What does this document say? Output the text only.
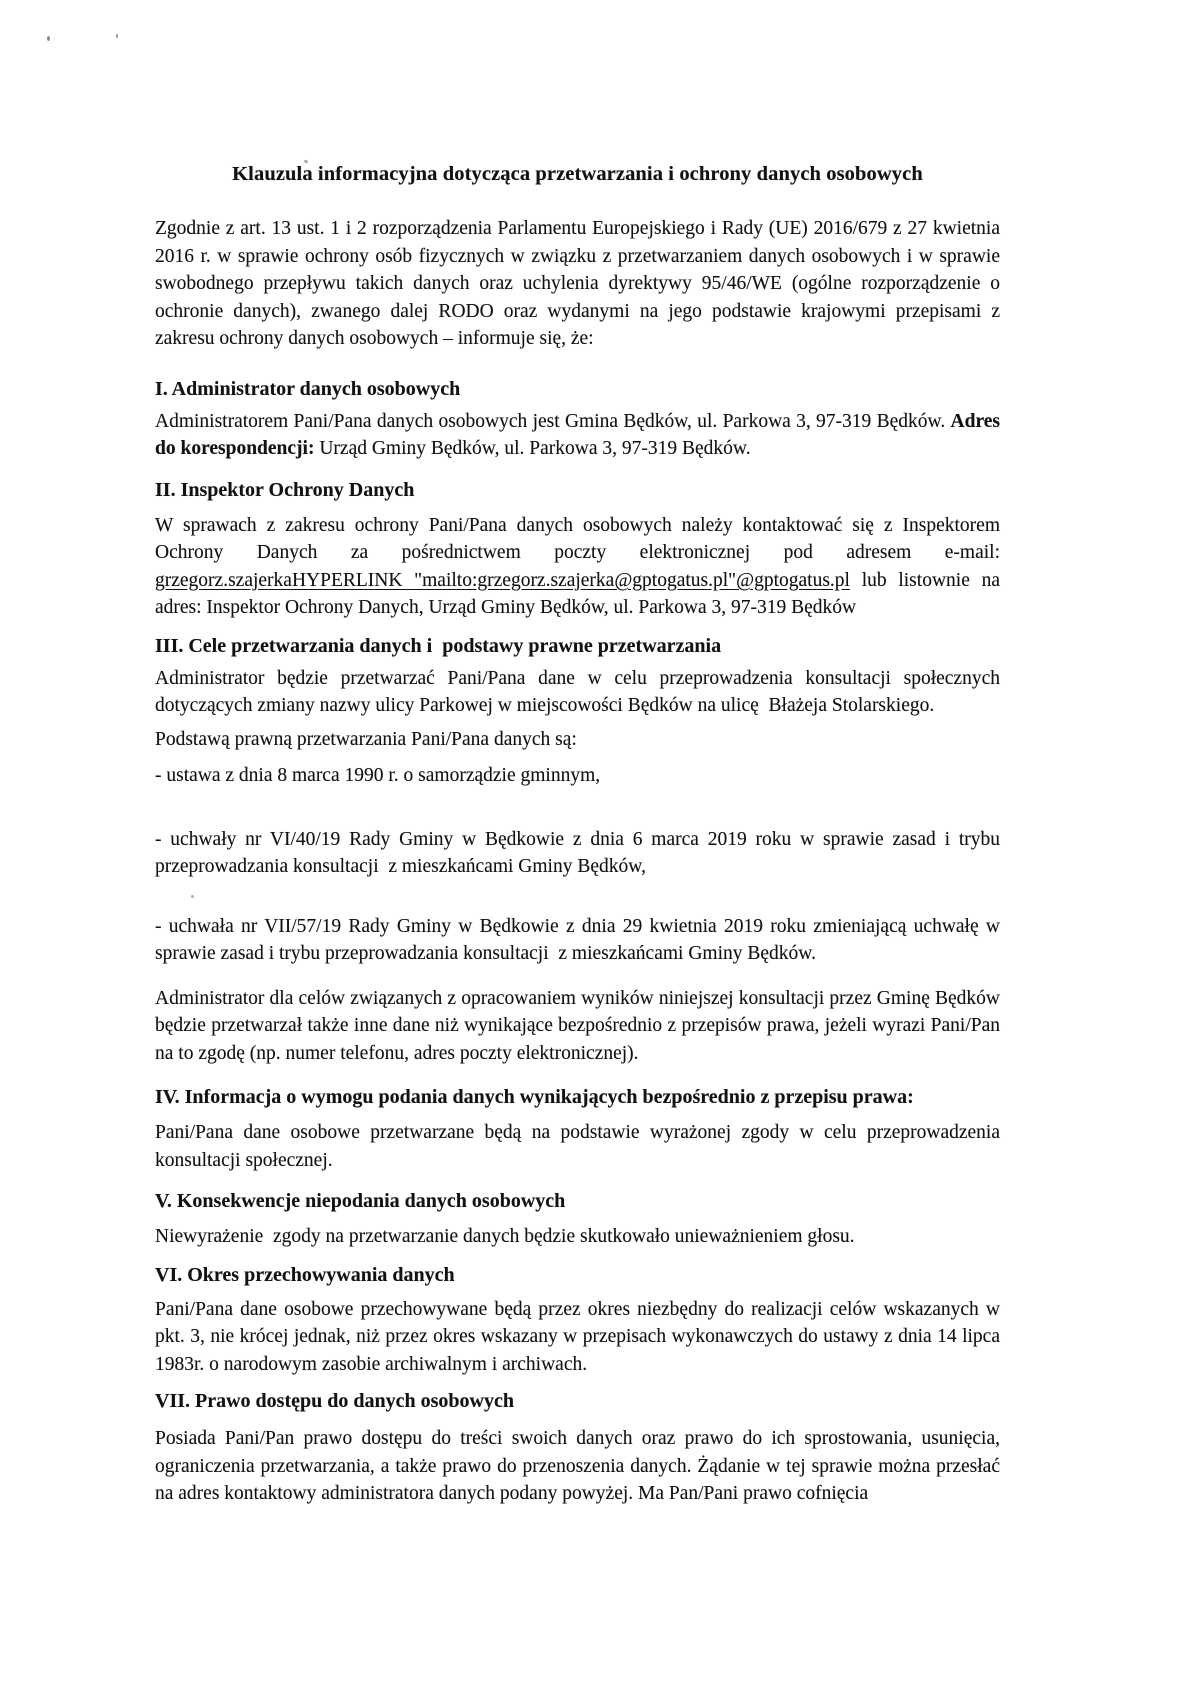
Klauzula informacyjna dotycząca przetwarzania i ochrony danych osobowych

Zgodnie z art. 13 ust. 1 i 2 rozporządzenia Parlamentu Europejskiego i Rady (UE) 2016/679 z 27 kwietnia 2016 r. w sprawie ochrony osób fizycznych w związku z przetwarzaniem danych osobowych i w sprawie swobodnego przepływu takich danych oraz uchylenia dyrektywy 95/46/WE (ogólne rozporządzenie o ochronie danych), zwanego dalej RODO oraz wydanymi na jego podstawie krajowymi przepisami z zakresu ochrony danych osobowych – informuje się, że:

I. Administrator danych osobowych

Administratorem Pani/Pana danych osobowych jest Gmina Będków, ul. Parkowa 3, 97-319 Będków. Adres do korespondencji: Urząd Gminy Będków, ul. Parkowa 3, 97-319 Będków.

II. Inspektor Ochrony Danych

W sprawach z zakresu ochrony Pani/Pana danych osobowych należy kontaktować się z Inspektorem Ochrony Danych za pośrednictwem poczty elektronicznej pod adresem e-mail: grzegorz.szajerkaHYPERLINK "mailto:grzegorz.szajerka@gptogatus.pl"@gptogatus.pl lub listownie na adres: Inspektor Ochrony Danych, Urząd Gminy Będków, ul. Parkowa 3, 97-319 Będków

III. Cele przetwarzania danych i  podstawy prawne przetwarzania

Administrator będzie przetwarzać Pani/Pana dane w celu przeprowadzenia konsultacji społecznych dotyczących zmiany nazwy ulicy Parkowej w miejscowości Będków na ulicę  Błażeja Stolarskiego.

Podstawą prawną przetwarzania Pani/Pana danych są:

- ustawa z dnia 8 marca 1990 r. o samorządzie gminnym,

- uchwały nr VI/40/19 Rady Gminy w Będkowie z dnia 6 marca 2019 roku w sprawie zasad i trybu przeprowadzania konsultacji  z mieszkańcami Gminy Będków,

- uchwała nr VII/57/19 Rady Gminy w Będkowie z dnia 29 kwietnia 2019 roku zmieniającą uchwałę w sprawie zasad i trybu przeprowadzania konsultacji  z mieszkańcami Gminy Będków.

Administrator dla celów związanych z opracowaniem wyników niniejszej konsultacji przez Gminę Będków będzie przetwarzał także inne dane niż wynikające bezpośrednio z przepisów prawa, jeżeli wyrazi Pani/Pan na to zgodę (np. numer telefonu, adres poczty elektronicznej).

IV. Informacja o wymogu podania danych wynikających bezpośrednio z przepisu prawa:

Pani/Pana dane osobowe przetwarzane będą na podstawie wyrażonej zgody w celu przeprowadzenia konsultacji społecznej.

V. Konsekwencje niepodania danych osobowych

Niewyrażenie  zgody na przetwarzanie danych będzie skutkowało unieważnieniem głosu.

VI. Okres przechowywania danych

Pani/Pana dane osobowe przechowywane będą przez okres niezbędny do realizacji celów wskazanych w pkt. 3, nie krócej jednak, niż przez okres wskazany w przepisach wykonawczych do ustawy z dnia 14 lipca 1983r. o narodowym zasobie archiwalnym i archiwach.

VII. Prawo dostępu do danych osobowych

Posiada Pani/Pan prawo dostępu do treści swoich danych oraz prawo do ich sprostowania, usunięcia, ograniczenia przetwarzania, a także prawo do przenoszenia danych. Żądanie w tej sprawie można przesłać na adres kontaktowy administratora danych podany powyżej. Ma Pan/Pani prawo cofnięcia
